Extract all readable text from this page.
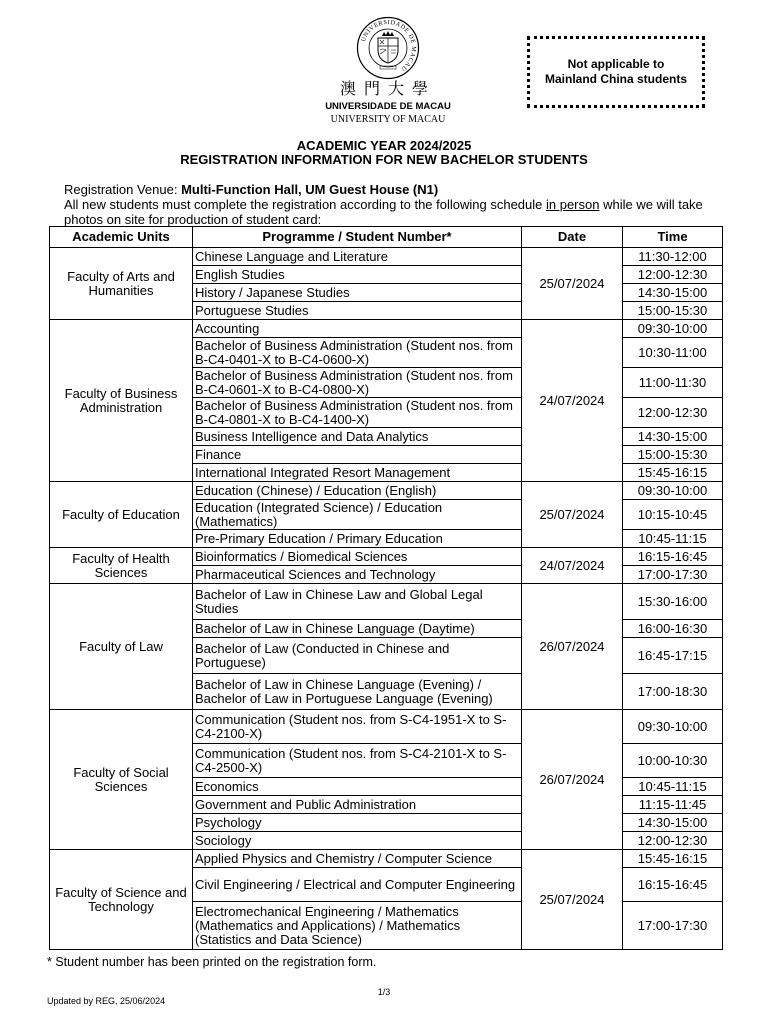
UNIVERSIDADE DE MACAU
澳門大學
UNIVERSIDADE DE MACAU
UNIVERSITY OF MACAU
Not applicable to
Mainland China students
ACADEMIC YEAR 2024/2025
REGISTRATION INFORMATION FOR NEW BACHELOR STUDENTS
Registration Venue: Multi-Function Hall, UM Guest House (N1)
All new students must complete the registration according to the following schedule in person while we will take photos on site for production of student card:
Academic Units	Programme / Student Number*	Date	Time
Faculty of Arts and Humanities	Chinese Language and Literature	25/07/2024	11:30-12:00
	English Studies		12:00-12:30
	History / Japanese Studies		14:30-15:00
	Portuguese Studies		15:00-15:30
Faculty of Business Administration	Accounting	24/07/2024	09:30-10:00
	Bachelor of Business Administration (Student nos. from B-C4-0401-X to B-C4-0600-X)		10:30-11:00
	Bachelor of Business Administration (Student nos. from B-C4-0601-X to B-C4-0800-X)		11:00-11:30
	Bachelor of Business Administration (Student nos. from B-C4-0801-X to B-C4-1400-X)		12:00-12:30
	Business Intelligence and Data Analytics		14:30-15:00
	Finance		15:00-15:30
	International Integrated Resort Management		15:45-16:15
Faculty of Education	Education (Chinese) / Education (English)	25/07/2024	09:30-10:00
	Education (Integrated Science) / Education (Mathematics)		10:15-10:45
	Pre-Primary Education / Primary Education		10:45-11:15
Faculty of Health Sciences	Bioinformatics / Biomedical Sciences	24/07/2024	16:15-16:45
	Pharmaceutical Sciences and Technology		17:00-17:30
Faculty of Law	Bachelor of Law in Chinese Law and Global Legal Studies	26/07/2024	15:30-16:00
	Bachelor of Law in Chinese Language (Daytime)		16:00-16:30
	Bachelor of Law (Conducted in Chinese and Portuguese)		16:45-17:15
	Bachelor of Law in Chinese Language (Evening) / Bachelor of Law in Portuguese Language (Evening)		17:00-18:30
Faculty of Social Sciences	Communication (Student nos. from S-C4-1951-X to S-C4-2100-X)	26/07/2024	09:30-10:00
	Communication (Student nos. from S-C4-2101-X to S-C4-2500-X)		10:00-10:30
	Economics		10:45-11:15
	Government and Public Administration		11:15-11:45
	Psychology		14:30-15:00
	Sociology		12:00-12:30
Faculty of Science and Technology	Applied Physics and Chemistry / Computer Science	25/07/2024	15:45-16:15
	Civil Engineering / Electrical and Computer Engineering		16:15-16:45
	Electromechanical Engineering / Mathematics (Mathematics and Applications) / Mathematics (Statistics and Data Science)		17:00-17:30
* Student number has been printed on the registration form.
1/3
Updated by REG, 25/06/2024
